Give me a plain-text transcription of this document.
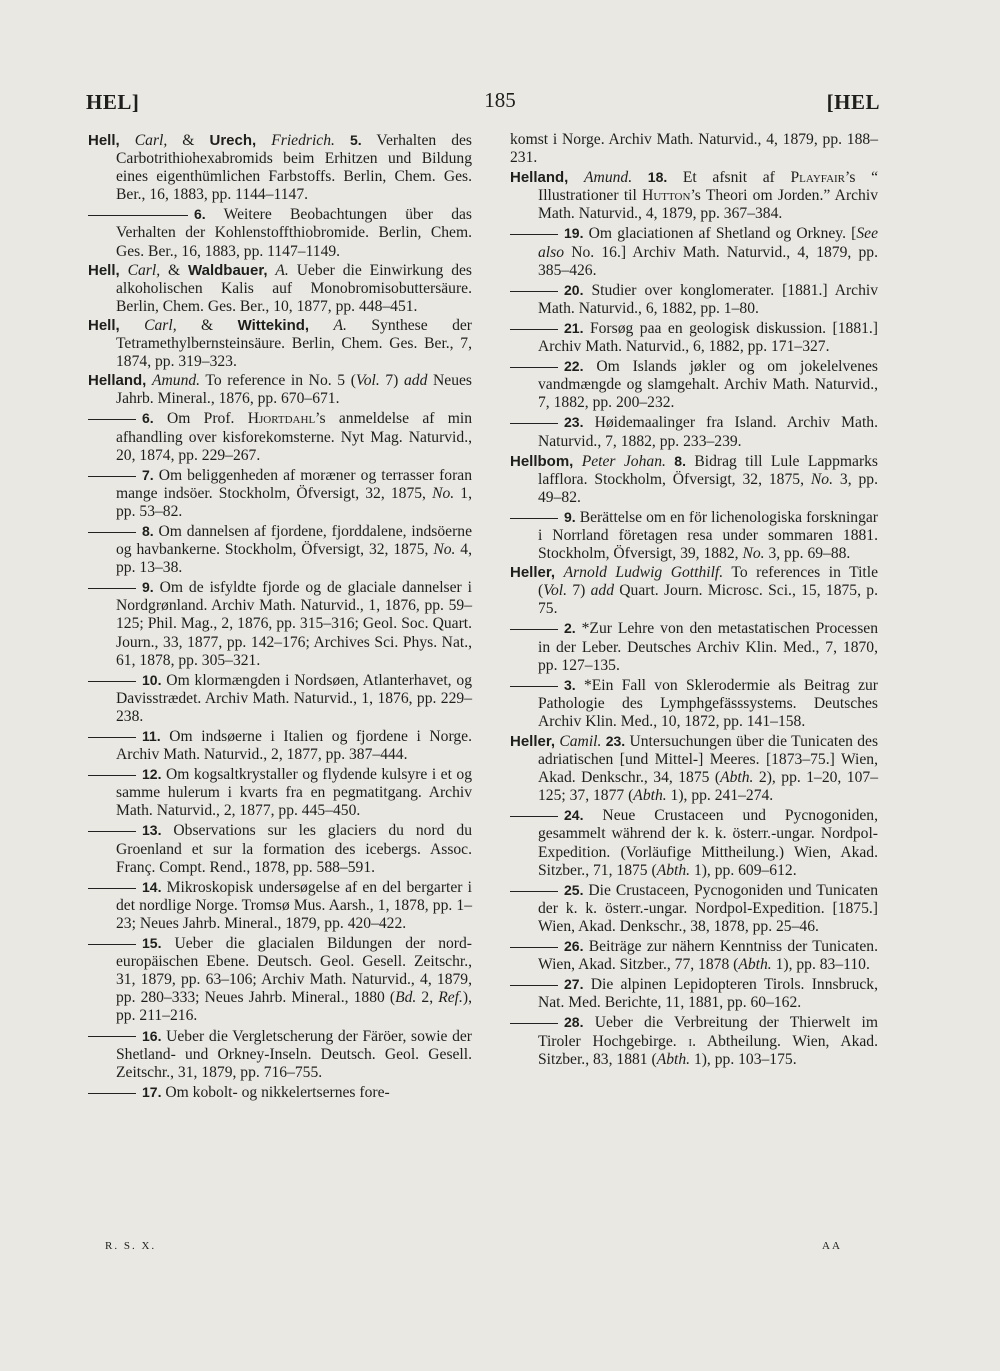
HEL]	185	[HEL
Hell, Carl, & Urech, Friedrich. 5. Verhalten des Carbotrithiohexabromids beim Erhitzen und Bildung eines eigenthümlichen Farbstoffs. Berlin, Chem. Ges. Ber., 16, 1883, pp. 1144–1147.
6. Weitere Beobachtungen über das Verhalten der Kohlenstoffthiobromide. Berlin, Chem. Ges. Ber., 16, 1883, pp. 1147–1149.
Hell, Carl, & Waldbauer, A. Ueber die Einwirkung des alkoholischen Kalis auf Monobromisobuttersäure. Berlin, Chem. Ges. Ber., 10, 1877, pp. 448–451.
Hell, Carl, & Wittekind, A. Synthese der Tetramethylbernsteinsäure. Berlin, Chem. Ges. Ber., 7, 1874, pp. 319–323.
Helland, Amund. To reference in No. 5 (Vol. 7) add Neues Jahrb. Mineral., 1876, pp. 670–671.
6. Om Prof. Hjortdahl’s anmeldelse af min afhandling over kisforekomsterne. Nyt Mag. Naturvid., 20, 1874, pp. 229–267.
7. Om beliggenheden af moræner og terrasser foran mange indsöer. Stockholm, Öfversigt, 32, 1875, No. 1, pp. 53–82.
8. Om dannelsen af fjordene, fjorddalene, indsöerne og havbankerne. Stockholm, Öfversigt, 32, 1875, No. 4, pp. 13–38.
9. Om de isfyldte fjorde og de glaciale dannelser i Nordgrønland. Archiv Math. Naturvid., 1, 1876, pp. 59–125; Phil. Mag., 2, 1876, pp. 315–316; Geol. Soc. Quart. Journ., 33, 1877, pp. 142–176; Archives Sci. Phys. Nat., 61, 1878, pp. 305–321.
10. Om klormængden i Nordsøen, Atlanterhavet, og Davisstrædet. Archiv Math. Naturvid., 1, 1876, pp. 229–238.
11. Om indsøerne i Italien og fjordene i Norge. Archiv Math. Naturvid., 2, 1877, pp. 387–444.
12. Om kogsaltkrystaller og flydende kulsyre i et og samme hulerum i kvarts fra en pegmatitgang. Archiv Math. Naturvid., 2, 1877, pp. 445–450.
13. Observations sur les glaciers du nord du Groenland et sur la formation des icebergs. Assoc. Franç. Compt. Rend., 1878, pp. 588–591.
14. Mikroskopisk undersøgelse af en del bergarter i det nordlige Norge. Tromsø Mus. Aarsh., 1, 1878, pp. 1–23; Neues Jahrb. Mineral., 1879, pp. 420–422.
15. Ueber die glacialen Bildungen der nord-europäischen Ebene. Deutsch. Geol. Gesell. Zeitschr., 31, 1879, pp. 63–106; Archiv Math. Naturvid., 4, 1879, pp. 280–333; Neues Jahrb. Mineral., 1880 (Bd. 2, Ref.), pp. 211–216.
16. Ueber die Vergletscherung der Färöer, sowie der Shetland- und Orkney-Inseln. Deutsch. Geol. Gesell. Zeitschr., 31, 1879, pp. 716–755.
17. Om kobolt- og nikkelertsernes fore-
komst i Norge. Archiv Math. Naturvid., 4, 1879, pp. 188–231.
Helland, Amund. 18. Et afsnit af Playfair’s “ Illustrationer til Hutton’s Theori om Jorden.” Archiv Math. Naturvid., 4, 1879, pp. 367–384.
19. Om glaciationen af Shetland og Orkney. [See also No. 16.] Archiv Math. Naturvid., 4, 1879, pp. 385–426.
20. Studier over konglomerater. [1881.] Archiv Math. Naturvid., 6, 1882, pp. 1–80.
21. Forsøg paa en geologisk diskussion. [1881.] Archiv Math. Naturvid., 6, 1882, pp. 171–327.
22. Om Islands jøkler og om jokelelvenes vandmængde og slamgehalt. Archiv Math. Naturvid., 7, 1882, pp. 200–232.
23. Høidemaalinger fra Island. Archiv Math. Naturvid., 7, 1882, pp. 233–239.
Hellbom, Peter Johan. 8. Bidrag till Lule Lappmarks lafflora. Stockholm, Öfversigt, 32, 1875, No. 3, pp. 49–82.
9. Berättelse om en för lichenologiska forskningar i Norrland företagen resa under sommaren 1881. Stockholm, Öfversigt, 39, 1882, No. 3, pp. 69–88.
Heller, Arnold Ludwig Gotthilf. To references in Title (Vol. 7) add Quart. Journ. Microsc. Sci., 15, 1875, p. 75.
2. *Zur Lehre von den metastatischen Processen in der Leber. Deutsches Archiv Klin. Med., 7, 1870, pp. 127–135.
3. *Ein Fall von Sklerodermie als Beitrag zur Pathologie des Lymphgefässsystems. Deutsches Archiv Klin. Med., 10, 1872, pp. 141–158.
Heller, Camil. 23. Untersuchungen über die Tunicaten des adriatischen [und Mittel-] Meeres. [1873–75.] Wien, Akad. Denkschr., 34, 1875 (Abth. 2), pp. 1–20, 107–125; 37, 1877 (Abth. 1), pp. 241–274.
24. Neue Crustaceen und Pycnogoniden, gesammelt während der k. k. österr.-ungar. Nordpol-Expedition. (Vorläufige Mittheilung.) Wien, Akad. Sitzber., 71, 1875 (Abth. 1), pp. 609–612.
25. Die Crustaceen, Pycnogoniden und Tunicaten der k. k. österr.-ungar. Nordpol-Expedition. [1875.] Wien, Akad. Denkschr., 38, 1878, pp. 25–46.
26. Beiträge zur nähern Kenntniss der Tunicaten. Wien, Akad. Sitzber., 77, 1878 (Abth. 1), pp. 83–110.
27. Die alpinen Lepidopteren Tirols. Innsbruck, Nat. Med. Berichte, 11, 1881, pp. 60–162.
28. Ueber die Verbreitung der Thierwelt im Tiroler Hochgebirge. i. Abtheilung. Wien, Akad. Sitzber., 83, 1881 (Abth. 1), pp. 103–175.
R. S. X.	AA
